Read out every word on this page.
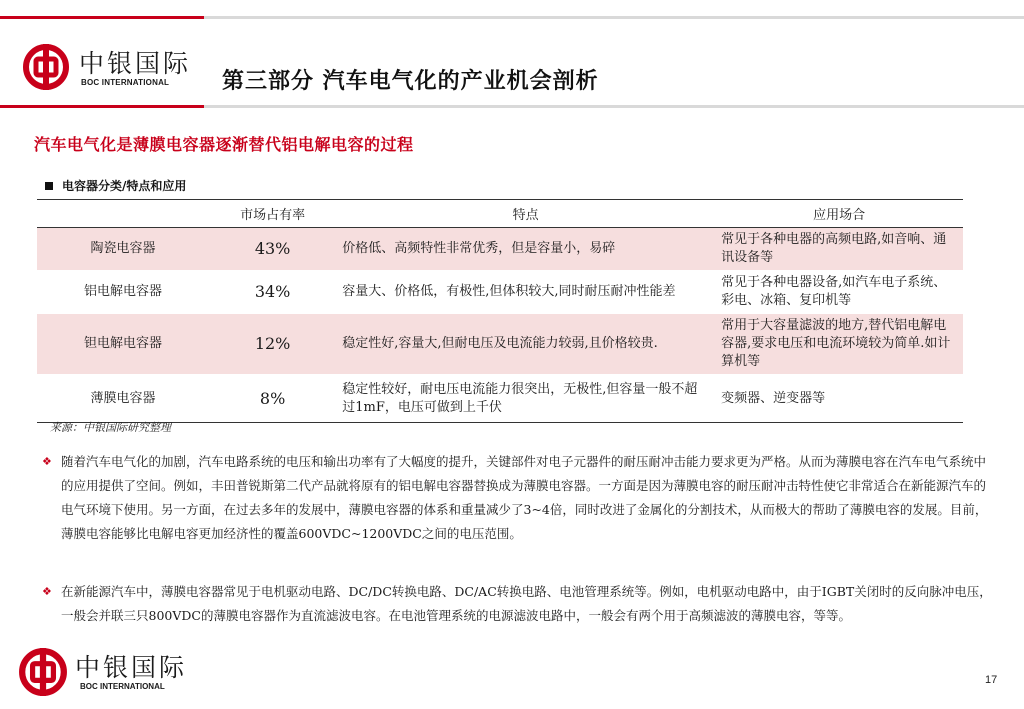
中银国际
BOC INTERNATIONAL 第三部分 汽车电气化的产业机会剖析
汽车电气化是薄膜电容器逐渐替代铝电解电容的过程
电容器分类/特点和应用
	市场占有率	特点	应用场合
陶瓷电容器	43%	价格低、高频特性非常优秀，但是容量小，易碎	常见于各种电器的高频电路,如音响、通讯设备等
铝电解电容器	34%	容量大、价格低，有极性,但体积较大,同时耐压耐冲性能差	常见于各种电器设备,如汽车电子系统、彩电、冰箱、复印机等
钽电解电容器	12%	稳定性好,容量大,但耐电压及电流能力较弱,且价格较贵.	常用于大容量滤波的地方,替代铝电解电容器,要求电压和电流环境较为简单.如计算机等
薄膜电容器	8%	稳定性较好，耐电压电流能力很突出，无极性,但容量一般不超过1mF，电压可做到上千伏	变频器、逆变器等
来源：中银国际研究整理
❖ 随着汽车电气化的加剧，汽车电路系统的电压和输出功率有了大幅度的提升，关键部件对电子元器件的耐压耐冲击能力要求更为严格。从而为薄膜电容在汽车电气系统中的应用提供了空间。例如，丰田普锐斯第二代产品就将原有的铝电解电容器替换成为薄膜电容器。一方面是因为薄膜电容的耐压耐冲击特性使它非常适合在新能源汽车的电气环境下使用。另一方面，在过去多年的发展中，薄膜电容器的体系和重量减少了3~4倍，同时改进了金属化的分割技术，从而极大的帮助了薄膜电容的发展。目前，薄膜电容能够比电解电容更加经济性的覆盖600VDC~1200VDC之间的电压范围。
❖ 在新能源汽车中，薄膜电容器常见于电机驱动电路、DC/DC转换电路、DC/AC转换电路、电池管理系统等。例如，电机驱动电路中，由于IGBT关闭时的反向脉冲电压，一般会并联三只800VDC的薄膜电容器作为直流滤波电容。在电池管理系统的电源滤波电路中，一般会有两个用于高频滤波的薄膜电容，等等。
中银国际
BOC INTERNATIONAL
17
